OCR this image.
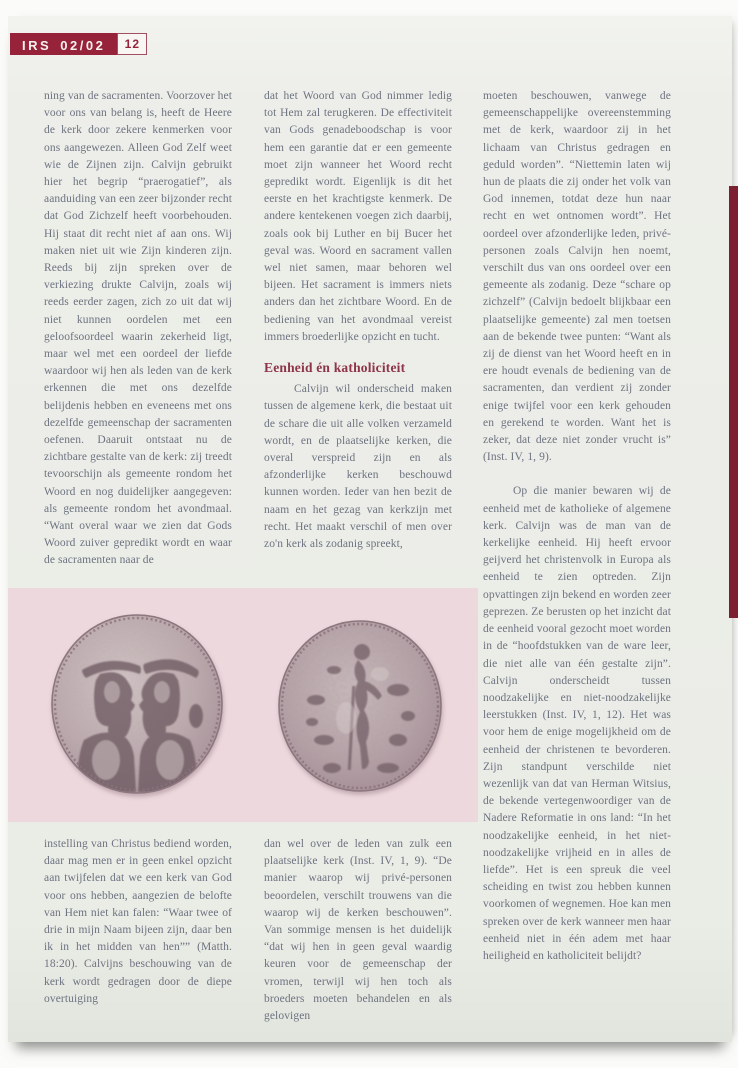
IRS 02/02	12

ning van de sacramenten. Voorzover het voor ons van belang is, heeft de Heere de kerk door zekere kenmerken voor ons aangewezen. Alleen God Zelf weet wie de Zijnen zijn. Calvijn gebruikt hier het begrip “praerogatief”, als aanduiding van een zeer bijzonder recht dat God Zichzelf heeft voorbehouden. Hij staat dit recht niet af aan ons. Wij maken niet uit wie Zijn kinderen zijn. Reeds bij zijn spreken over de verkiezing drukte Calvijn, zoals wij reeds eerder zagen, zich zo uit dat wij niet kunnen oordelen met een geloofsoordeel waarin zekerheid ligt, maar wel met een oordeel der liefde waardoor wij hen als leden van de kerk erkennen die met ons dezelfde belijdenis hebben en eveneens met ons dezelfde gemeenschap der sacramenten oefenen. Daaruit ontstaat nu de zichtbare gestalte van de kerk: zij treedt tevoorschijn als gemeente rondom het Woord en nog duidelijker aangegeven: als gemeente rondom het avondmaal. “Want overal waar we zien dat Gods Woord zuiver gepredikt wordt en waar de sacramenten naar de

dat het Woord van God nimmer ledig tot Hem zal terugkeren. De effectiviteit van Gods genadeboodschap is voor hem een garantie dat er een gemeente moet zijn wanneer het Woord recht gepredikt wordt. Eigenlijk is dit het eerste en het krachtigste kenmerk. De andere kentekenen voegen zich daarbij, zoals ook bij Luther en bij Bucer het geval was. Woord en sacrament vallen wel niet samen, maar behoren wel bijeen. Het sacrament is immers niets anders dan het zichtbare Woord. En de bediening van het avondmaal vereist immers broederlijke opzicht en tucht.

Eenheid én katholiciteit

Calvijn wil onderscheid maken tussen de algemene kerk, die bestaat uit de schare die uit alle volken verzameld wordt, en de plaatselijke kerken, die overal verspreid zijn en als afzonderlijke kerken beschouwd kunnen worden. Ieder van hen bezit de naam en het gezag van kerkzijn met recht. Het maakt verschil of men over zo'n kerk als zodanig spreekt,

moeten beschouwen, vanwege de gemeenschappelijke overeenstemming met de kerk, waardoor zij in het lichaam van Christus gedragen en geduld worden”. “Niettemin laten wij hun de plaats die zij onder het volk van God innemen, totdat deze hun naar recht en wet ontnomen wordt”. Het oordeel over afzonderlijke leden, privé-personen zoals Calvijn hen noemt, verschilt dus van ons oordeel over een gemeente als zodanig. Deze “schare op zichzelf” (Calvijn bedoelt blijkbaar een plaatselijke gemeente) zal men toetsen aan de bekende twee punten: “Want als zij de dienst van het Woord heeft en in ere houdt evenals de bediening van de sacramenten, dan verdient zij zonder enige twijfel voor een kerk gehouden en gerekend te worden. Want het is zeker, dat deze niet zonder vrucht is” (Inst. IV, 1, 9).

Op die manier bewaren wij de eenheid met de katholieke of algemene kerk. Calvijn was de man van de kerkelijke eenheid. Hij heeft ervoor geijverd het christenvolk in Europa als eenheid te zien optreden. Zijn opvattingen zijn bekend en worden zeer geprezen. Ze berusten op het inzicht dat de eenheid vooral gezocht moet worden in de “hoofdstukken van de ware leer, die niet alle van één gestalte zijn”. Calvijn onderscheidt tussen noodzakelijke en niet-noodzakelijke leerstukken (Inst. IV, 1, 12). Het was voor hem de enige mogelijkheid om de eenheid der christenen te bevorderen. Zijn standpunt verschilde niet wezenlijk van dat van Herman Witsius, de bekende vertegenwoordiger van de Nadere Reformatie in ons land: “In het noodzakelijke eenheid, in het niet-noodzakelijke vrijheid en in alles de liefde”. Het is een spreuk die veel scheiding en twist zou hebben kunnen voorkomen of wegnemen. Hoe kan men spreken over de kerk wanneer men haar eenheid niet in één adem met haar heiligheid en katholiciteit belijdt?

instelling van Christus bediend worden, daar mag men er in geen enkel opzicht aan twijfelen dat we een kerk van God voor ons hebben, aangezien de belofte van Hem niet kan falen: “Waar twee of drie in mijn Naam bijeen zijn, daar ben ik in het midden van hen”” (Matth. 18:20). Calvijns beschouwing van de kerk wordt gedragen door de diepe overtuiging

dan wel over de leden van zulk een plaatselijke kerk (Inst. IV, 1, 9). “De manier waarop wij privé-personen beoordelen, verschilt trouwens van die waarop wij de kerken beschouwen”. Van sommige mensen is het duidelijk “dat wij hen in geen geval waardig keuren voor de gemeenschap der vromen, terwijl wij hen toch als broeders moeten behandelen en als gelovigen
